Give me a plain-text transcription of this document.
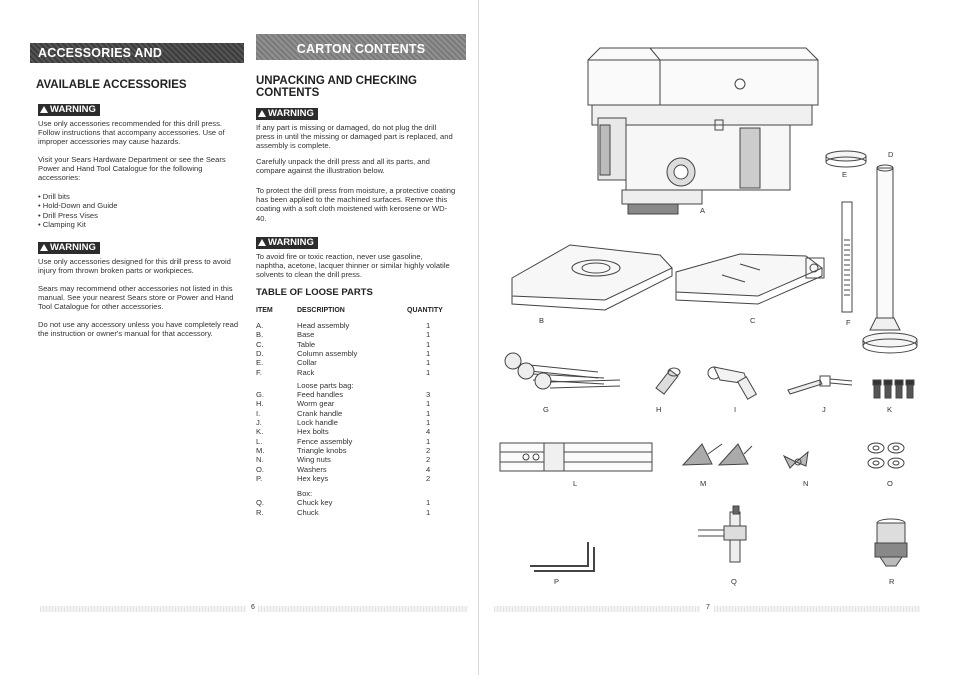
ACCESSORIES AND ATTACHMENTS
AVAILABLE ACCESSORIES
WARNING
Use only accessories recommended for this drill press. Follow instructions that accompany accessories. Use of improper accessories may cause hazards.
Visit your Sears Hardware Department or see the Sears Power and Hand Tool Catalogue for the following accessories:
• Drill bits
• Hold-Down and Guide
• Drill Press Vises
• Clamping Kit
WARNING
Use only accessories designed for this drill press to avoid injury from thrown broken parts or workpieces.
Sears may recommend other accessories not listed in this manual. See your nearest Sears store or Power and Hand Tool Catalogue for other accessories.
Do not use any accessory unless you have completely read the instruction or owner's manual for that accessory.
CARTON CONTENTS
UNPACKING AND CHECKING
CONTENTS
WARNING
If any part is missing or damaged, do not plug the drill press in until the missing or damaged part is replaced, and assembly is complete.
Carefully unpack the drill press and all its parts, and compare against the illustration below.
To protect the drill press from moisture, a protective coating has been applied to the machined surfaces. Remove this coating with a soft cloth moistened with kerosene or WD-40.
WARNING
To avoid fire or toxic reaction, never use gasoline, naphtha, acetone, lacquer thinner or similar highly volatile solvents to clean the drill press.
TABLE OF LOOSE PARTS
ITEM	DESCRIPTION	QUANTITY
A.	Head assembly	1
B.	Base	1
C.	Table	1
D.	Column assembly	1
E.	Collar	1
F.	Rack	1
Loose parts bag:
G.	Feed handles	3
H.	Worm gear	1
I.	Crank handle	1
J.	Lock handle	1
K.	Hex bolts	4
L.	Fence assembly	1
M.	Triangle knobs	2
N.	Wing nuts	2
O.	Washers	4
P.	Hex keys	2
Box:
Q.	Chuck key	1
R.	Chuck	1
A
D
E
B	C	F
G	H	I	J	K
L	M	N	O
P	Q	R
6	7
